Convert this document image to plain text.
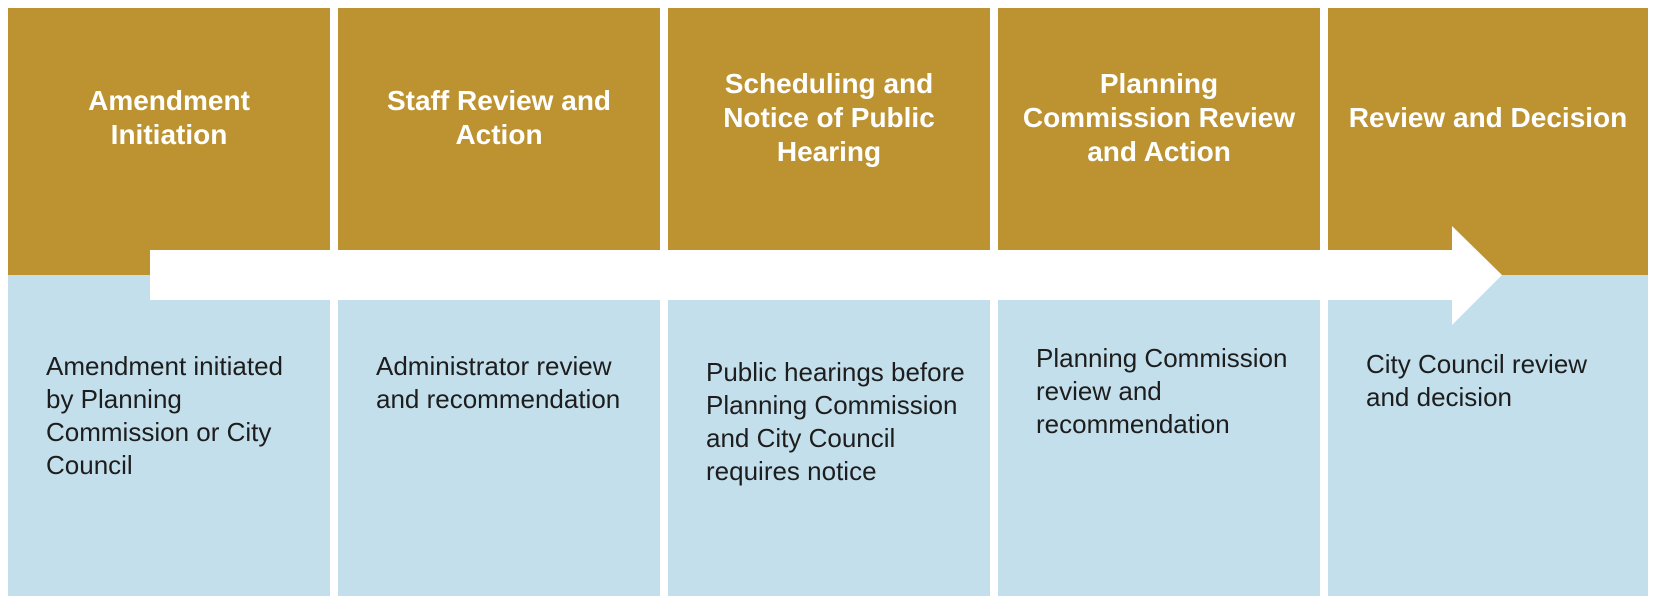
Amendment Initiation
Amendment initiated by Planning Commission or City Council
Staff Review and Action
Administrator review and recommendation
Scheduling and Notice of Public Hearing
Public hearings before Planning Commission and City Council requires notice
Planning Commission Review and Action
Planning Commission review and recommendation
Review and Decision
City Council review and decision
